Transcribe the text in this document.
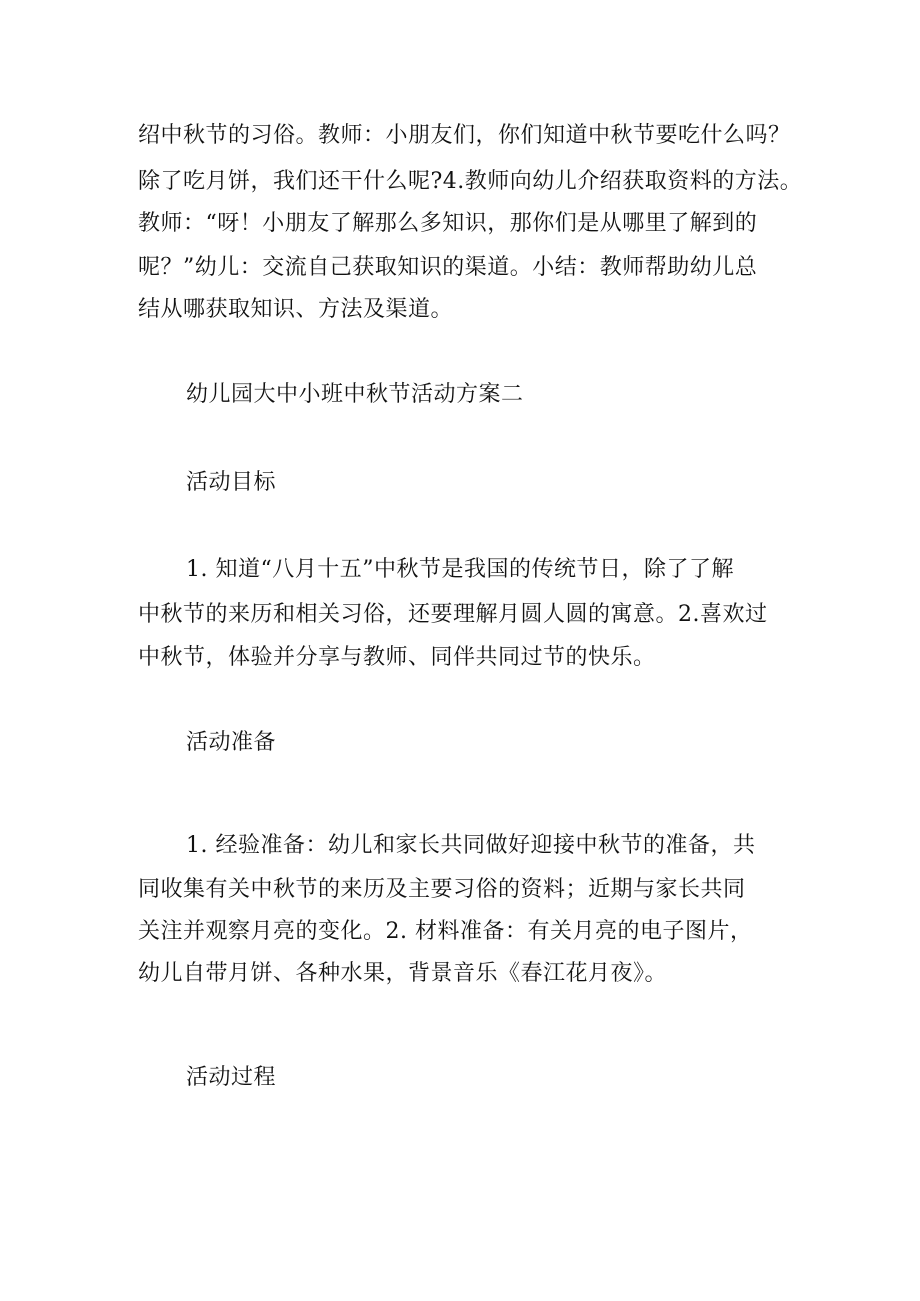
绍中秋节的习俗。教师：小朋友们，你们知道中秋节要吃什么吗？
除了吃月饼，我们还干什么呢?4.教师向幼儿介绍获取资料的方法。
教师：“呀！小朋友了解那么多知识，那你们是从哪里了解到的
呢？”幼儿：交流自己获取知识的渠道。小结：教师帮助幼儿总
结从哪获取知识、方法及渠道。
幼儿园大中小班中秋节活动方案二
活动目标
1. 知道“八月十五”中秋节是我国的传统节日，除了了解
中秋节的来历和相关习俗，还要理解月圆人圆的寓意。2.喜欢过
中秋节，体验并分享与教师、同伴共同过节的快乐。
活动准备
1. 经验准备：幼儿和家长共同做好迎接中秋节的准备，共
同收集有关中秋节的来历及主要习俗的资料；近期与家长共同
关注并观察月亮的变化。2. 材料准备：有关月亮的电子图片，
幼儿自带月饼、各种水果，背景音乐《春江花月夜》。
活动过程
